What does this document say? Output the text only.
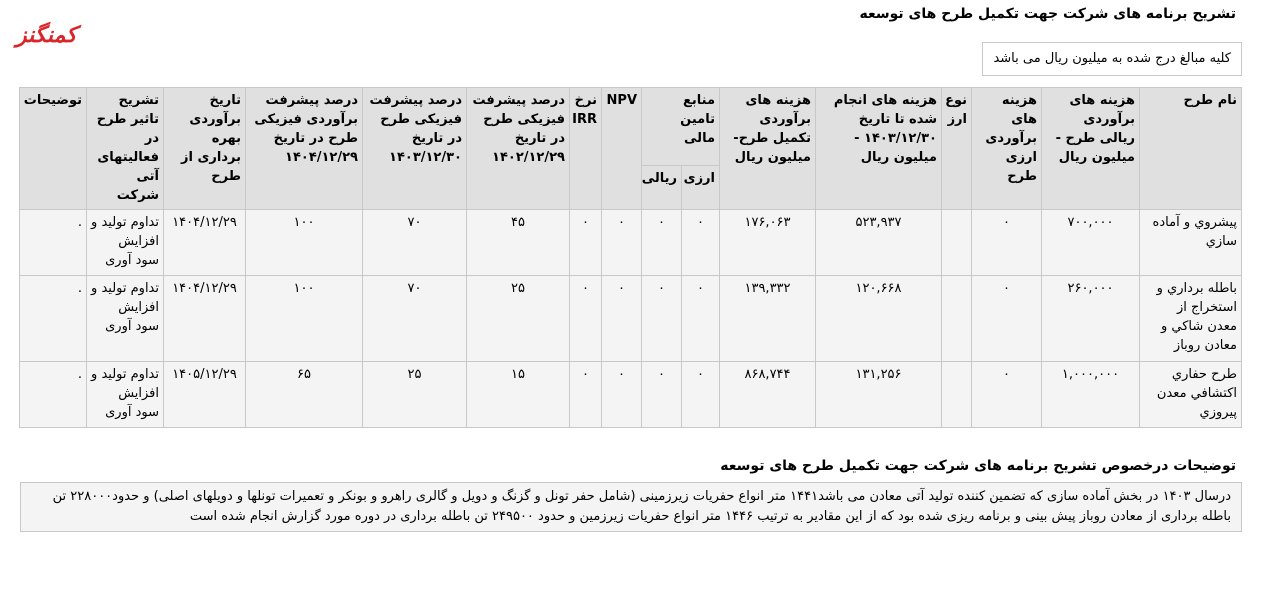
تشریح برنامه های شرکت جهت تکمیل طرح های توسعه
کمنگنز
کلیه مبالغ درج شده به میلیون ریال می باشد
نام طرح	هزینه های برآوردی ریالی طرح - میلیون ریال	هزینه های برآوردی ارزی طرح	نوع ارز	هزینه های انجام شده تا تاریخ ۱۴۰۳/۱۲/۳۰ - میلیون ریال	هزینه های برآوردی تکمیل طرح- میلیون ریال	منابع تامین مالی		NPV	نرخ IRR	درصد پیشرفت فیزیکی طرح در تاریخ ۱۴۰۲/۱۲/۲۹	درصد پیشرفت فیزیکی طرح در تاریخ ۱۴۰۳/۱۲/۳۰	درصد پیشرفت برآوردی فیزیکی طرح در تاریخ ۱۴۰۴/۱۲/۲۹	تاریخ برآوردی بهره برداری از طرح	تشریح تاثیر طرح در فعالیتهای آتی شرکت	توضیحات
						ارزی	ریالی								
پیشروي و آماده سازي	۷۰۰,۰۰۰	۰		۵۲۳,۹۳۷	۱۷۶,۰۶۳	۰	۰	۰	۰	۴۵	۷۰	۱۰۰	۱۴۰۴/۱۲/۲۹	تداوم تولید و افزایش سود آوری	.
باطله برداري و استخراج از معدن شاكي و معادن روباز	۲۶۰,۰۰۰	۰		۱۲۰,۶۶۸	۱۳۹,۳۳۲	۰	۰	۰	۰	۲۵	۷۰	۱۰۰	۱۴۰۴/۱۲/۲۹	تداوم تولید و افزایش سود آوری	.
طرح حفاري اكتشافي معدن پيروزي	۱,۰۰۰,۰۰۰	۰		۱۳۱,۲۵۶	۸۶۸,۷۴۴	۰	۰	۰	۰	۱۵	۲۵	۶۵	۱۴۰۵/۱۲/۲۹	تداوم تولید و افزایش سود آوری	.
توضیحات درخصوص تشریح برنامه های شرکت جهت تکمیل طرح های توسعه
درسال ۱۴۰۳ در بخش آماده سازی که تضمین کننده تولید آتی معادن می باشد۱۴۴۱ متر انواع حفریات زیرزمینی (شامل حفر تونل و گزنگ و دویل و گالری راهرو و بونکر و تعمیرات تونلها و دویلهای اصلی) و حدود۲۲۸۰۰۰ تن باطله برداری از معادن روباز پیش بینی و برنامه ریزی شده بود که از این مقادیر به ترتیب ۱۴۴۶ متر انواع حفریات زیرزمین و حدود ۲۴۹۵۰۰ تن باطله برداری در دوره مورد گزارش انجام شده است
